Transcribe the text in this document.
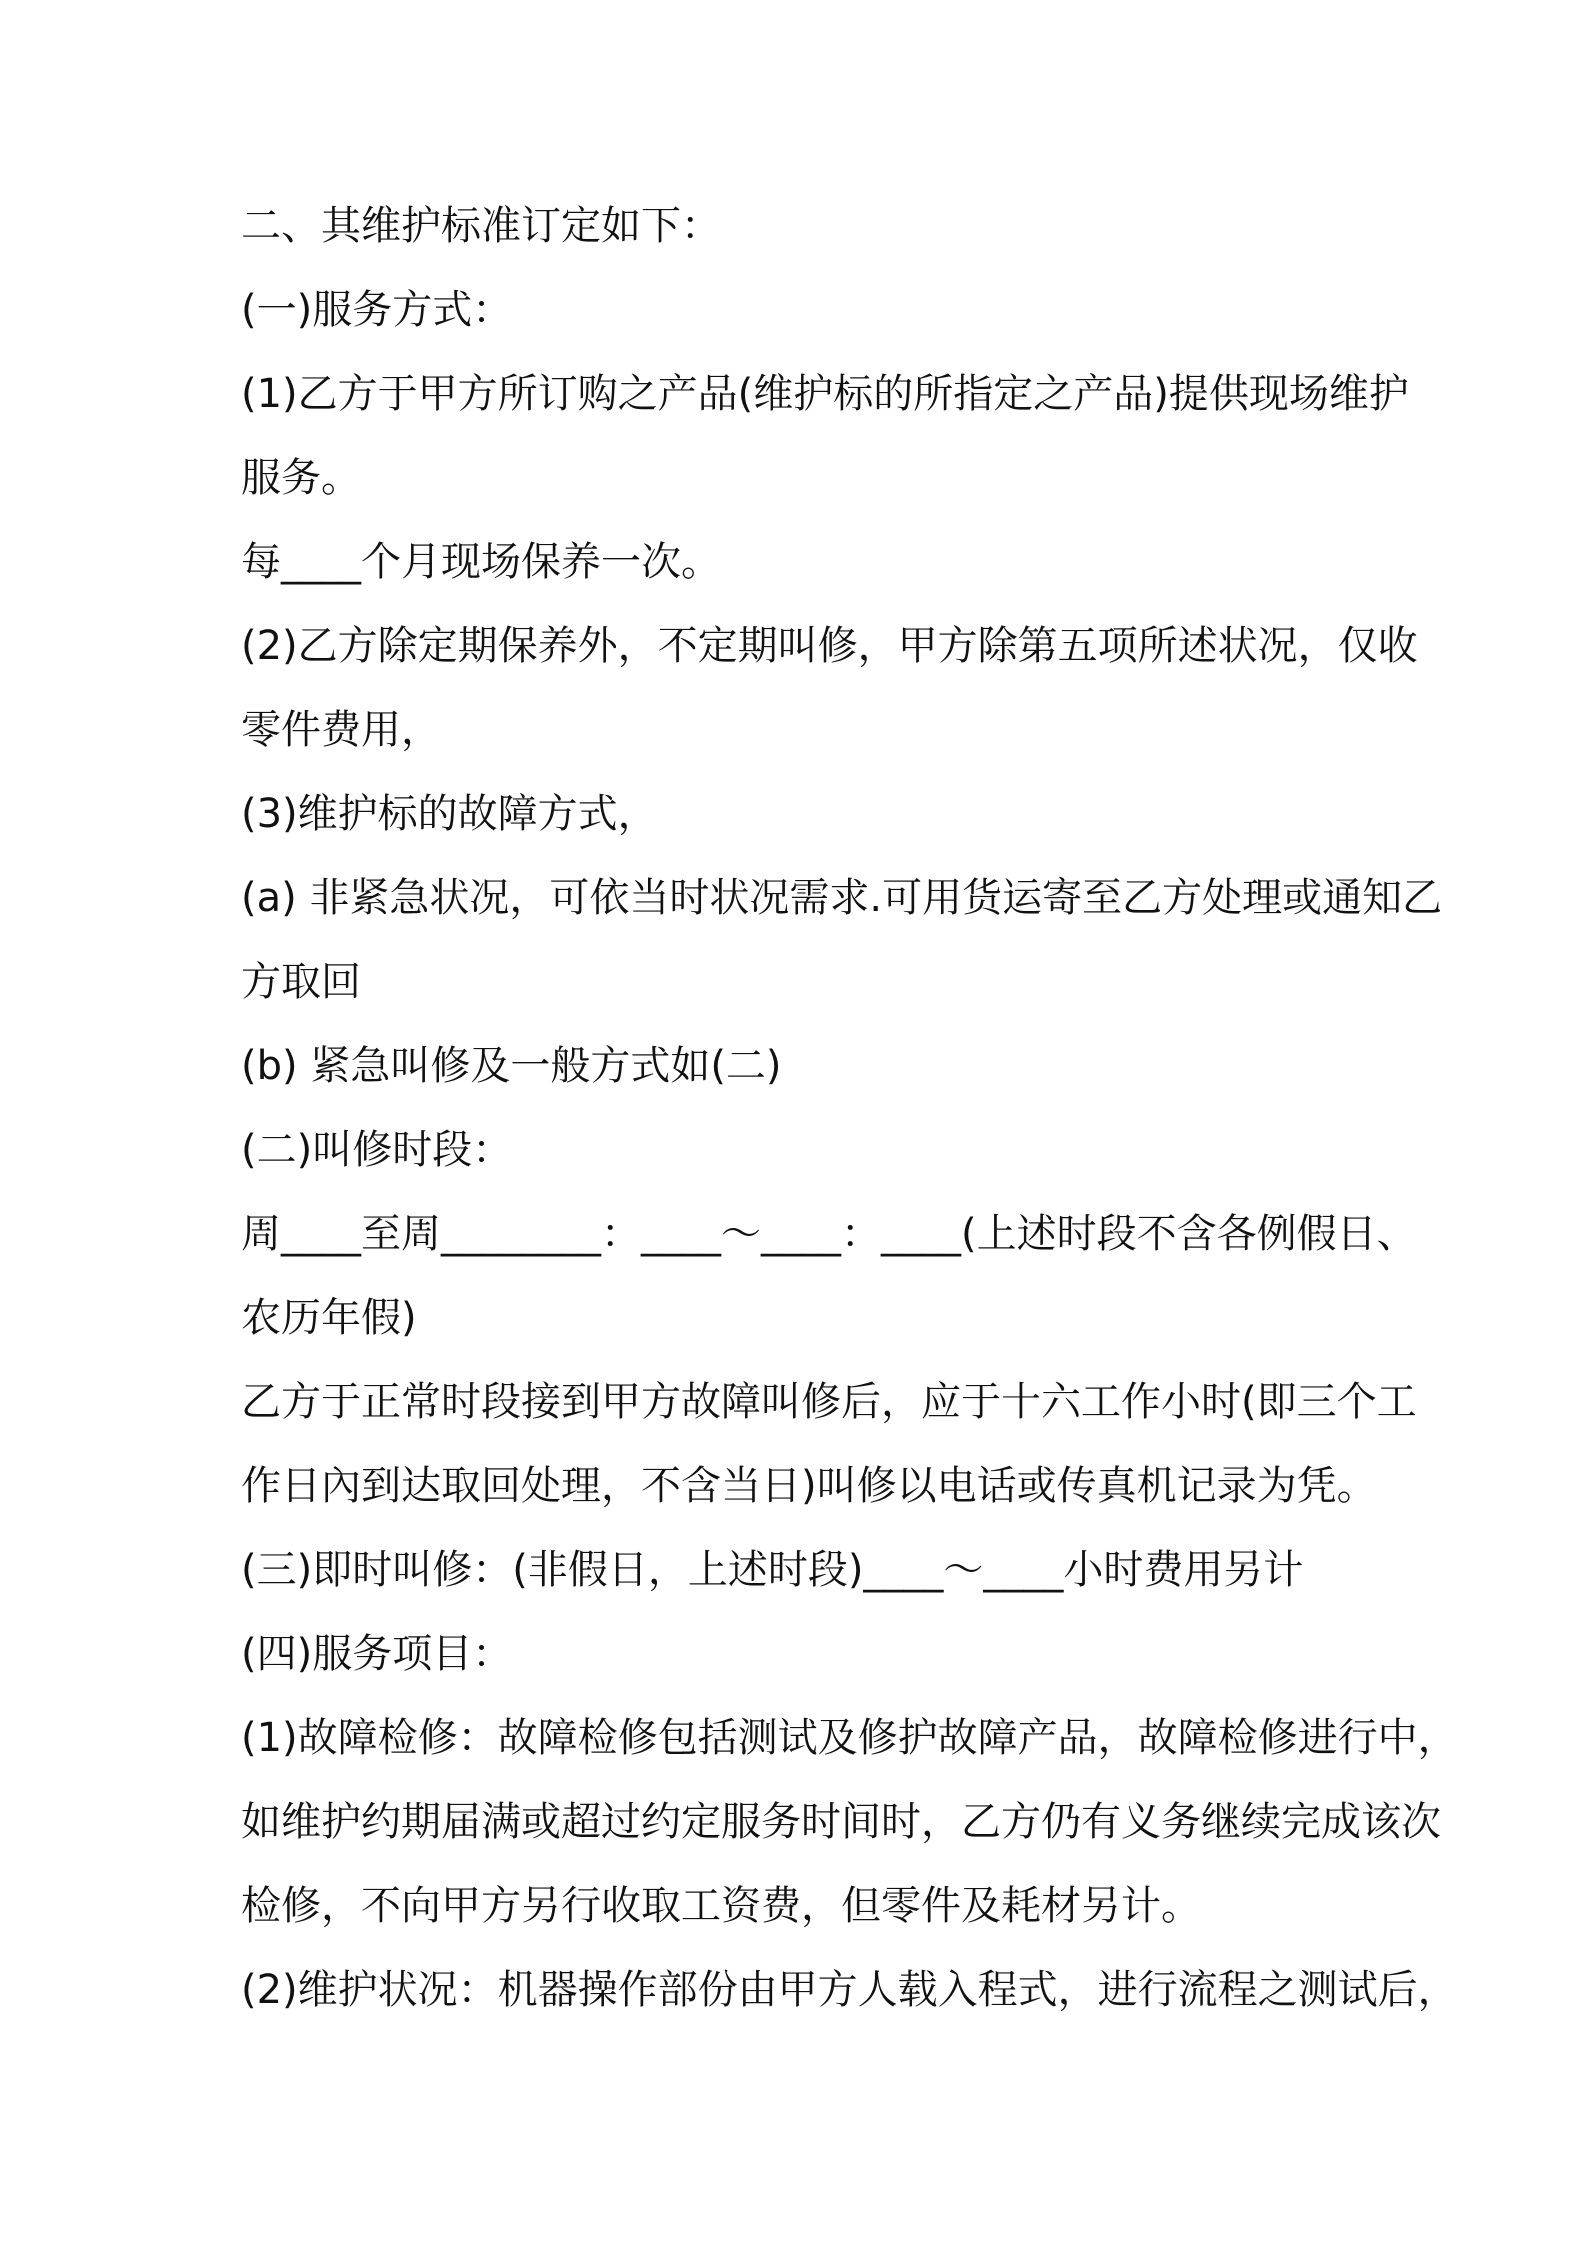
二、其维护标准订定如下：
(一)服务方式：
(1)乙方于甲方所订购之产品(维护标的所指定之产品)提供现场维护
服务。
每____个月现场保养一次。
(2)乙方除定期保养外，不定期叫修，甲方除第五项所述状况，仅收
零件费用，
(3)维护标的故障方式，
(a) 非紧急状况，可依当时状况需求.可用货运寄至乙方处理或通知乙
方取回
(b) 紧急叫修及一般方式如(二)
(二)叫修时段：
周____至周________：____～____：____(上述时段不含各例假日、
农历年假)
乙方于正常时段接到甲方故障叫修后，应于十六工作小时(即三个工
作日內到达取回处理，不含当日)叫修以电话或传真机记录为凭。
(三)即时叫修：(非假日，上述时段)____～____小时费用另计
(四)服务项目：
(1)故障检修：故障检修包括测试及修护故障产品，故障检修进行中，
如维护约期届满或超过约定服务时间时，乙方仍有义务继续完成该次
检修，不向甲方另行收取工资费，但零件及耗材另计。
(2)维护状况：机器操作部份由甲方人载入程式，进行流程之测试后，
